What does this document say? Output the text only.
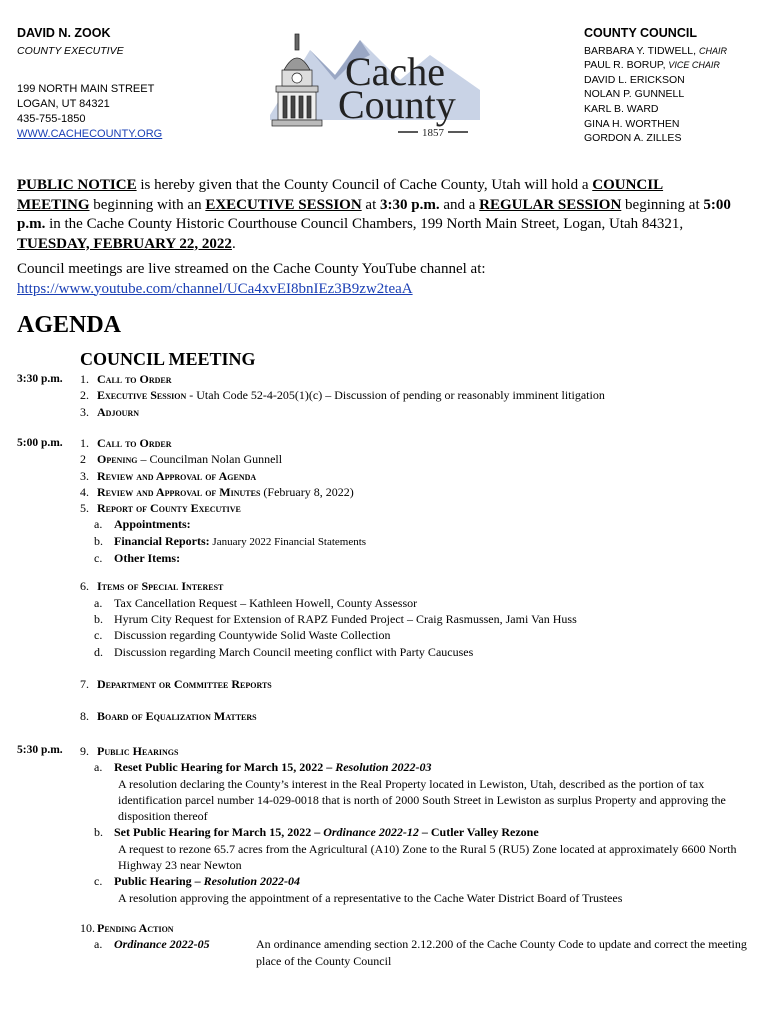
DAVID N. ZOOK
COUNTY EXECUTIVE
199 NORTH MAIN STREET
LOGAN, UT 84321
435-755-1850
WWW.CACHECOUNTY.ORG
Cache
County
1857
COUNTY COUNCIL
BARBARA Y. TIDWELL, CHAIR
PAUL R. BORUP, VICE CHAIR
DAVID L. ERICKSON
NOLAN P. GUNNELL
KARL B. WARD
GINA H. WORTHEN
GORDON A. ZILLES
PUBLIC NOTICE is hereby given that the County Council of Cache County, Utah will hold a COUNCIL MEETING beginning with an EXECUTIVE SESSION at 3:30 p.m. and a REGULAR SESSION beginning at 5:00 p.m. in the Cache County Historic Courthouse Council Chambers, 199 North Main Street, Logan, Utah 84321, TUESDAY, FEBRUARY 22, 2022.
Council meetings are live streamed on the Cache County YouTube channel at:
https://www.youtube.com/channel/UCa4xvEI8bnIEz3B9zw2teaA
AGENDA
COUNCIL MEETING
3:30 p.m. 1. Call to Order
2. Executive Session - Utah Code 52-4-205(1)(c) – Discussion of pending or reasonably imminent litigation
3. Adjourn
5:00 p.m. 1. Call to Order
2 Opening – Councilman Nolan Gunnell
3. Review and Approval of Agenda
4. Review and Approval of Minutes (February 8, 2022)
5. Report of County Executive
a. Appointments:
b. Financial Reports: January 2022 Financial Statements
c. Other Items:
6. Items of Special Interest
a. Tax Cancellation Request – Kathleen Howell, County Assessor
b. Hyrum City Request for Extension of RAPZ Funded Project – Craig Rasmussen, Jami Van Huss
c. Discussion regarding Countywide Solid Waste Collection
d. Discussion regarding March Council meeting conflict with Party Caucuses
7. Department or Committee Reports
8. Board of Equalization Matters
5:30 p.m. 9. Public Hearings
a. Reset Public Hearing for March 15, 2022 – Resolution 2022-03
A resolution declaring the County’s interest in the Real Property located in Lewiston, Utah, described as the portion of tax identification parcel number 14-029-0018 that is north of 2000 South Street in Lewiston as surplus Property and approving the disposition thereof
b. Set Public Hearing for March 15, 2022 – Ordinance 2022-12 – Cutler Valley Rezone
A request to rezone 65.7 acres from the Agricultural (A10) Zone to the Rural 5 (RU5) Zone located at approximately 6600 North Highway 23 near Newton
c. Public Hearing – Resolution 2022-04
A resolution approving the appointment of a representative to the Cache Water District Board of Trustees
10. Pending Action
a. Ordinance 2022-05	An ordinance amending section 2.12.200 of the Cache County Code to update and correct the meeting place of the County Council
